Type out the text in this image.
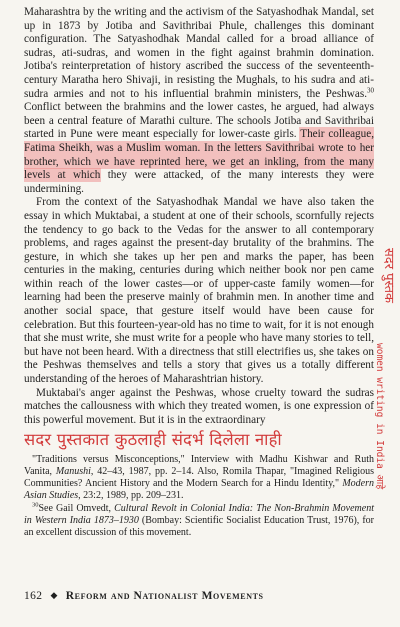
Maharashtra by the writing and the activism of the Satyashodhak Mandal, set up in 1873 by Jotiba and Savithribai Phule, challenges this dominant configuration. The Satyashodhak Mandal called for a broad alliance of sudras, ati-sudras, and women in the fight against brahmin domination. Jotiba's reinterpretation of history ascribed the success of the seventeenth-century Maratha hero Shivaji, in resisting the Mughals, to his sudra and ati-sudra armies and not to his influential brahmin ministers, the Peshwas.$^{30}$ Conflict between the brahmins and the lower castes, he argued, had always been a central feature of Marathi culture. The schools Jotiba and Savithribai started in Pune were meant especially for lower-caste girls. Their colleague, Fatima Sheikh, was a Muslim woman. In the letters Savithribai wrote to her brother, which we have reprinted here, we get an inkling, from the many levels at which they were attacked, of the many interests they were undermining.

From the context of the Satyashodhak Mandal we have also taken the essay in which Muktabai, a student at one of their schools, scornfully rejects the tendency to go back to the Vedas for the answer to all contemporary problems, and rages against the present-day brutality of the brahmins. The gesture, in which she takes up her pen and marks the paper, has been centuries in the making, centuries during which neither book nor pen came within reach of the lower castes—or of upper-caste family women—for learning had been the preserve mainly of brahmin men. In another time and another social space, that gesture itself would have been cause for celebration. But this fourteen-year-old has no time to wait, for it is not enough that she must write, she must write for a people who have many stories to tell, but have not been heard. With a directness that still electrifies us, she takes on the Peshwas themselves and tells a story that gives us a totally different understanding of the heroes of Maharashtrian history.

Muktabai's anger against the Peshwas, whose cruelty toward the sudras matches the callousness with which they treated women, is one expression of this powerful movement. But it is in the extraordinary

सदर पुस्तकात कुठलाही संदर्भ दिलेला नाही

"Traditions versus Misconceptions," Interview with Madhu Kishwar and Ruth Vanita, Manushi, 42–43, 1987, pp. 2–14. Also, Romila Thapar, "Imagined Religious Communities? Ancient History and the Modern Search for a Hindu Identity," Modern Asian Studies, 23:2, 1989, pp. 209–231.

$^{30}$See Gail Omvedt, Cultural Revolt in Colonial India: The Non-Brahmin Movement in Western India 1873–1930 (Bombay: Scientific Socialist Education Trust, 1976), for an excellent discussion of this movement.

162 ◆ Reform and Nationalist Movements
सदर पुस्तक
women writing in India आहे
